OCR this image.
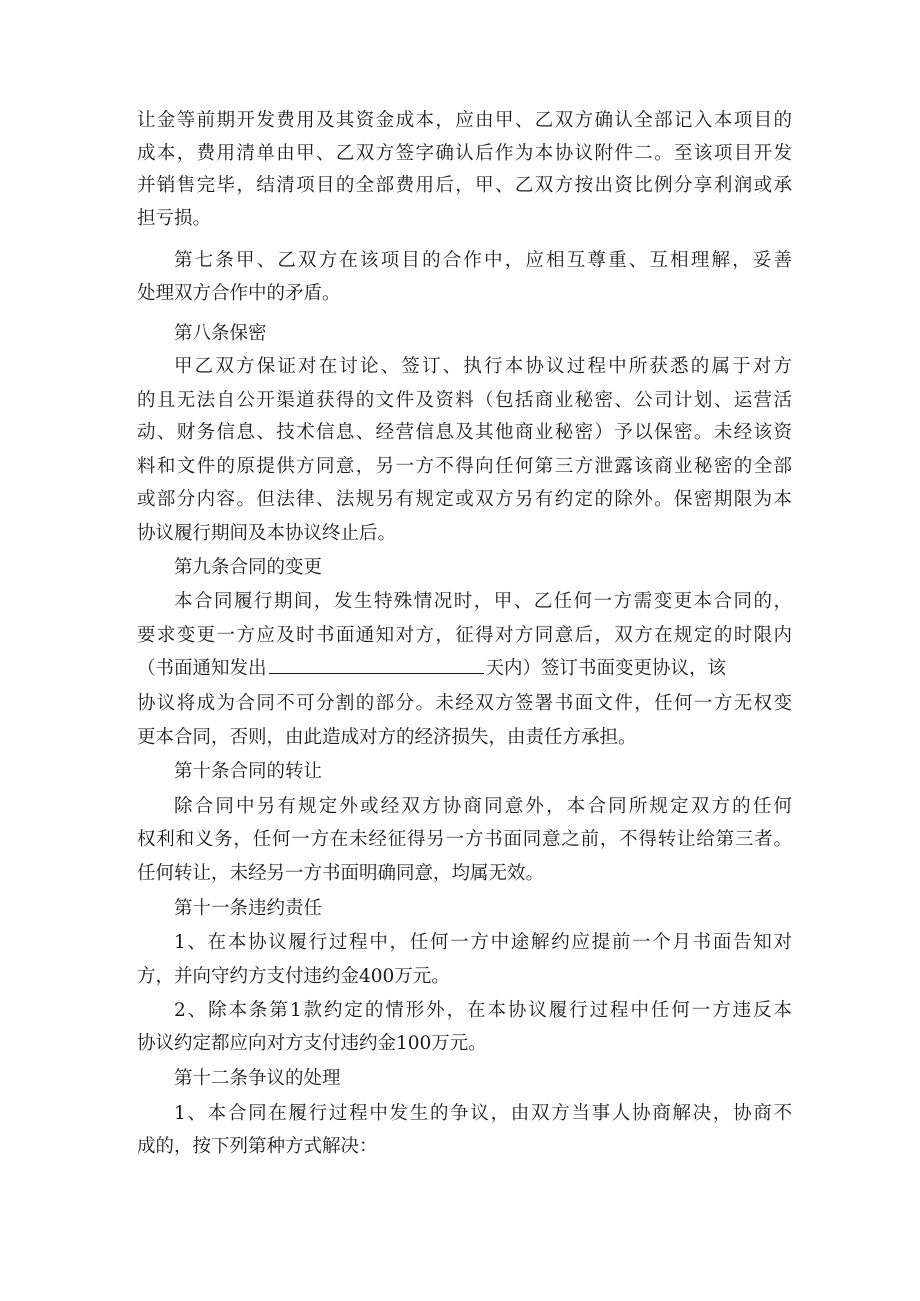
让金等前期开发费用及其资金成本，应由甲、乙双方确认全部记入本项目的
成本，费用清单由甲、乙双方签字确认后作为本协议附件二。至该项目开发
并销售完毕，结清项目的全部费用后，甲、乙双方按出资比例分享利润或承
担亏损。
第七条甲、乙双方在该项目的合作中，应相互尊重、互相理解，妥善
处理双方合作中的矛盾。
第八条保密
甲乙双方保证对在讨论、签订、执行本协议过程中所获悉的属于对方
的且无法自公开渠道获得的文件及资料（包括商业秘密、公司计划、运营活
动、财务信息、技术信息、经营信息及其他商业秘密）予以保密。未经该资
料和文件的原提供方同意，另一方不得向任何第三方泄露该商业秘密的全部
或部分内容。但法律、法规另有规定或双方另有约定的除外。保密期限为本
协议履行期间及本协议终止后。
第九条合同的变更
本合同履行期间，发生特殊情况时，甲、乙任何一方需变更本合同的，
要求变更一方应及时书面通知对方，征得对方同意后，双方在规定的时限内
（书面通知发出	天内）签订书面变更协议，该
协议将成为合同不可分割的部分。未经双方签署书面文件，任何一方无权变
更本合同，否则，由此造成对方的经济损失，由责任方承担。
第十条合同的转让
除合同中另有规定外或经双方协商同意外，本合同所规定双方的任何
权利和义务，任何一方在未经征得另一方书面同意之前，不得转让给第三者。
任何转让，未经另一方书面明确同意，均属无效。
第十一条违约责任
1、在本协议履行过程中，任何一方中途解约应提前一个月书面告知对
方，并向守约方支付违约金400万元。
2、除本条第1款约定的情形外，在本协议履行过程中任何一方违反本
协议约定都应向对方支付违约金100万元。
第十二条争议的处理
1、本合同在履行过程中发生的争议，由双方当事人协商解决，协商不
成的，按下列第种方式解决：
